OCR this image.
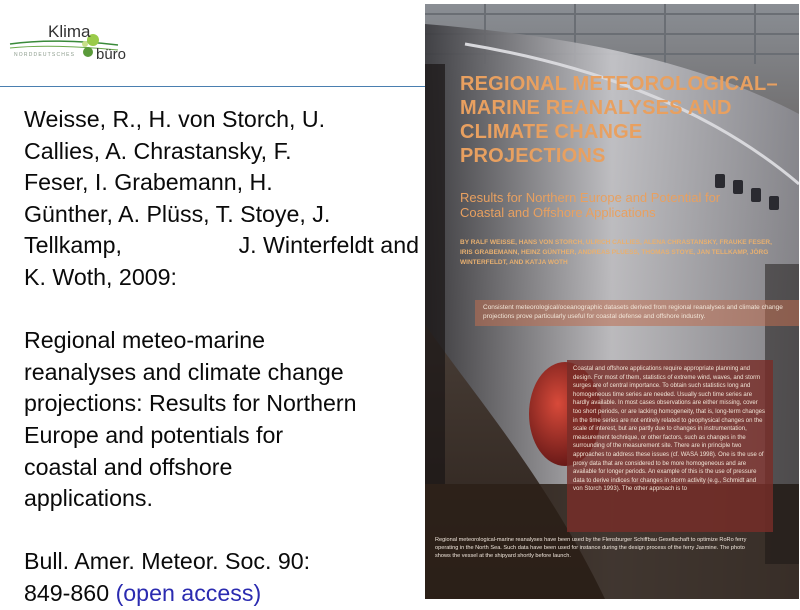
Klima
NORDDEUTSCHES büro

Weisse, R., H. von Storch, U.

Callies, A. Chrastansky, F.

Feser, I. Grabemann, H.

Günther, A. Plüss, T. Stoye, J.

Tellkamp,	J. Winterfeldt and

K. Woth, 2009:

Regional meteo-marine

reanalyses and climate change

projections: Results for Northern

Europe and potentials for

coastal and offshore

applications.

Bull. Amer. Meteor. Soc. 90:

849-860 (open access)

REGIONAL METEOROLOGICAL–MARINE REANALYSES AND CLIMATE CHANGE PROJECTIONS
Results for Northern Europe and Potential for Coastal and Offshore Applications
BY RALF WEISSE, HANS VON STORCH, ULRICH CALLIES, ALENA CHRASTANSKY, FRAUKE FESER, IRIS GRABEMANN, HEINZ GÜNTHER, ANDREAS PLUESS, THOMAS STOYE, JAN TELLKAMP, JÖRG WINTERFELDT, AND KATJA WOTH
Consistent meteorological/oceanographic datasets derived from regional reanalyses and climate change projections prove particularly useful for coastal defense and offshore industry.
Coastal and offshore applications require appropriate planning and design. For most of them, statistics of extreme wind, waves, and storm surges are of central importance. To obtain such statistics long and homogeneous time series are needed. Usually such time series are hardly available. In most cases observations are either missing, cover too short periods, or are lacking homogeneity, that is, long-term changes in the time series are not entirely related to geophysical changes on the scale of interest, but are partly due to changes in instrumentation, measurement technique, or other factors, such as changes in the surrounding of the measurement site. There are in principle two approaches to address these issues (cf. WASA 1998). One is the use of proxy data that are considered to be more homogeneous and are available for longer periods. An example of this is the use of pressure data to derive indices for changes in storm activity (e.g., Schmidt and von Storch 1993). The other approach is to
Regional meteorological-marine reanalyses have been used by the Flensburger Schiffbau Gesellschaft to optimize RoRo ferry operating in the North Sea. Such data have been used for instance during the design process of the ferry Jasmine. The photo shows the vessel at the shipyard shortly before launch.
